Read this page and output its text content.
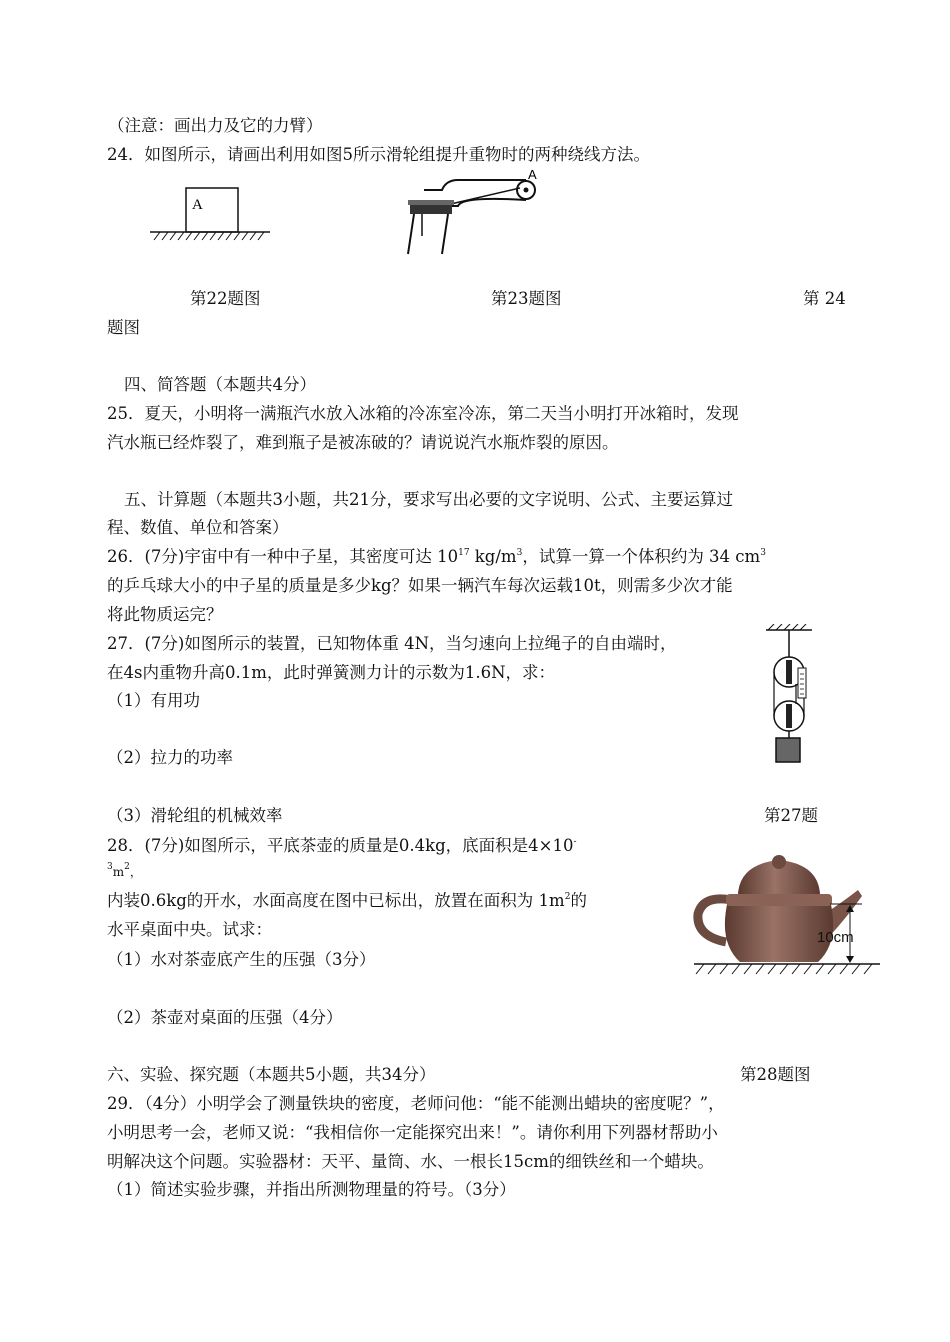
（注意：画出力及它的力臂）
24．如图所示，请画出利用如图5所示滑轮组提升重物时的两种绕线方法。
A
A
第22题图	第23题图	第 24
题图
四、简答题（本题共4分）
25．夏天，小明将一满瓶汽水放入冰箱的冷冻室冷冻，第二天当小明打开冰箱时，发现
汽水瓶已经炸裂了，难到瓶子是被冻破的？请说说汽水瓶炸裂的原因。
五、计算题（本题共3小题，共21分，要求写出必要的文字说明、公式、主要运算过
程、数值、单位和答案）
26．(7分)宇宙中有一种中子星，其密度可达 $10^{17}$ $kg/m^3$，试算一算一个体积约为 34 $cm^3$
的乒乓球大小的中子星的质量是多少kg？如果一辆汽车每次运载10t，则需多少次才能
将此物质运完？
27．(7分)如图所示的装置，已知物体重 4N，当匀速向上拉绳子的自由端时，
在4s内重物升高0.1m，此时弹簧测力计的示数为1.6N，求：
（1）有用功
（2）拉力的功率
（3）滑轮组的机械效率	第27题
28．(7分)如图所示，平底茶壶的质量是0.4kg，底面积是4×10-
$^3m^2$，
内装0.6kg的开水，水面高度在图中已标出，放置在面积为 $1m^2$的
水平桌面中央。试求：
（1）水对茶壶底产生的压强（3分）
（2）茶壶对桌面的压强（4分）
10cm
六、实验、探究题（本题共5小题，共34分）	第28题图
29．（4分）小明学会了测量铁块的密度，老师问他：“能不能测出蜡块的密度呢？”，
小明思考一会，老师又说：“我相信你一定能探究出来！”。请你利用下列器材帮助小
明解决这个问题。实验器材：天平、量筒、水、一根长15cm的细铁丝和一个蜡块。
（1）简述实验步骤，并指出所测物理量的符号。（3分）
